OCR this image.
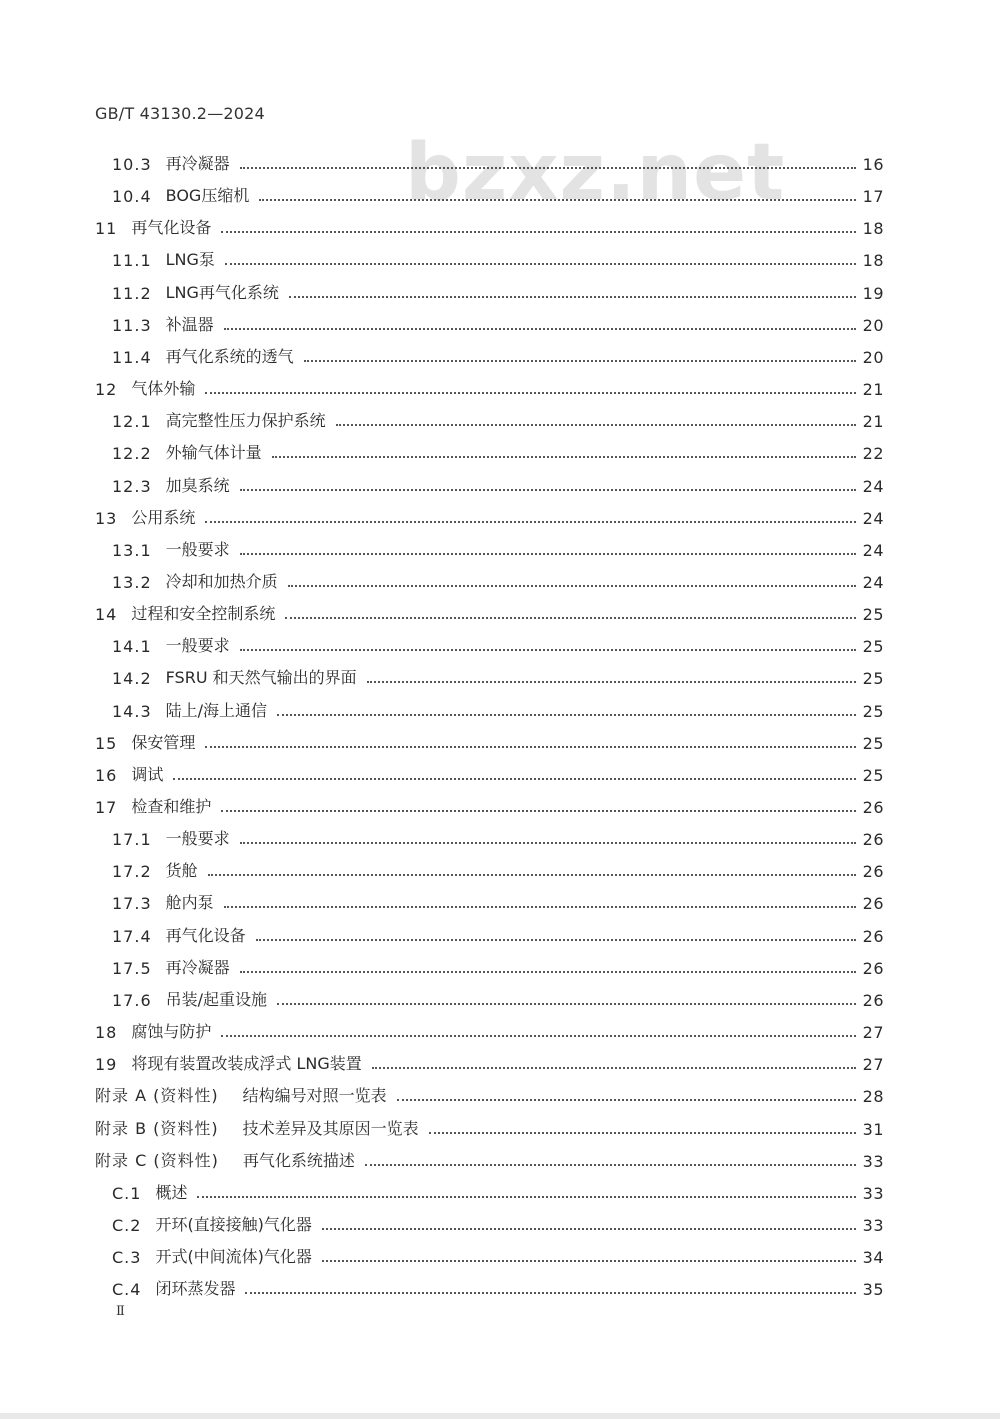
GB/T 43130.2—2024
bzxz.net
10.3 再冷凝器	16
10.4 BOG压缩机	17
11 再气化设备	18
11.1 LNG泵	18
11.2 LNG再气化系统	19
11.3 补温器	20
11.4 再气化系统的透气	20
12 气体外输	21
12.1 高完整性压力保护系统	21
12.2 外输气体计量	22
12.3 加臭系统	24
13 公用系统	24
13.1 一般要求	24
13.2 冷却和加热介质	24
14 过程和安全控制系统	25
14.1 一般要求	25
14.2 FSRU 和天然气输出的界面	25
14.3 陆上/海上通信	25
15 保安管理	25
16 调试	25
17 检查和维护	26
17.1 一般要求	26
17.2 货舱	26
17.3 舱内泵	26
17.4 再气化设备	26
17.5 再冷凝器	26
17.6 吊装/起重设施	26
18 腐蚀与防护	27
19 将现有装置改装成浮式 LNG装置	27
附录 A (资料性) 结构编号对照一览表	28
附录 B (资料性) 技术差异及其原因一览表	31
附录 C (资料性) 再气化系统描述	33
C.1 概述	33
C.2 开环(直接接触)气化器	33
C.3 开式(中间流体)气化器	34
C.4 闭环蒸发器	35
Ⅱ
